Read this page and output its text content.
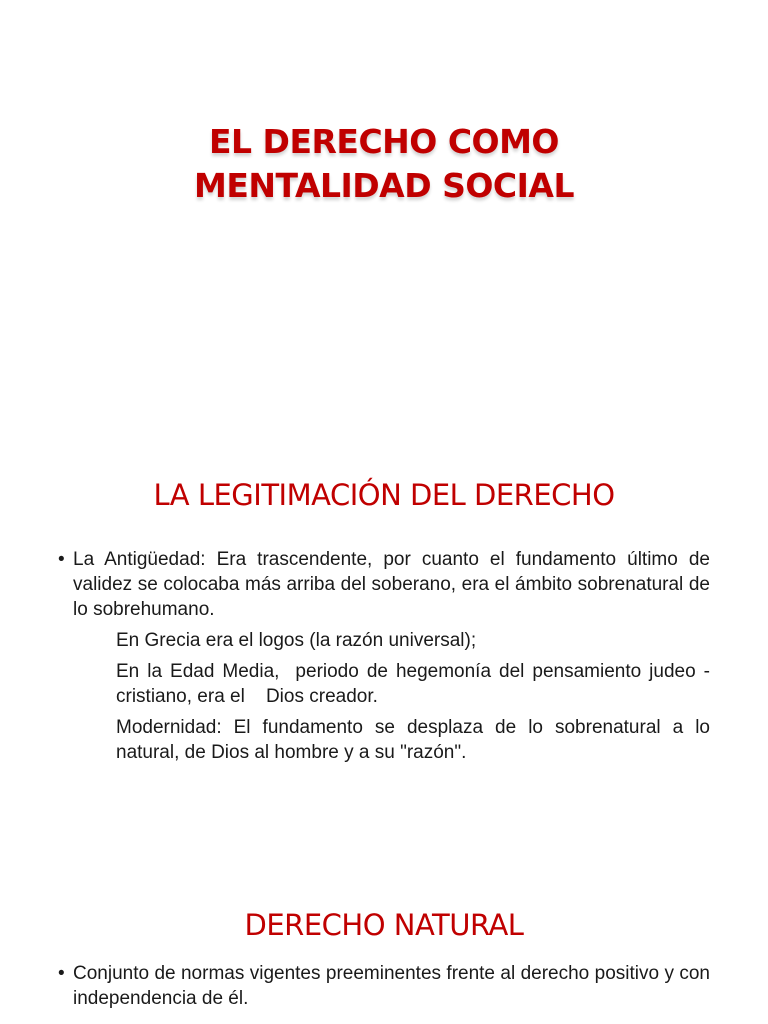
EL DERECHO COMO
MENTALIDAD SOCIAL
LA LEGITIMACIÓN DEL DERECHO

• La Antigüedad: Era trascendente, por cuanto el fundamento último de validez se colocaba más arriba del soberano, era el ámbito sobrenatural de lo sobrehumano.

En Grecia era el logos (la razón universal);

En la Edad Media,  periodo de hegemonía del pensamiento judeo - cristiano, era el    Dios creador.

Modernidad: El fundamento se desplaza de lo sobrenatural a lo natural, de Dios al hombre y a su "razón".

DERECHO NATURAL

• Conjunto de normas vigentes preeminentes frente al derecho positivo y con independencia de él.
